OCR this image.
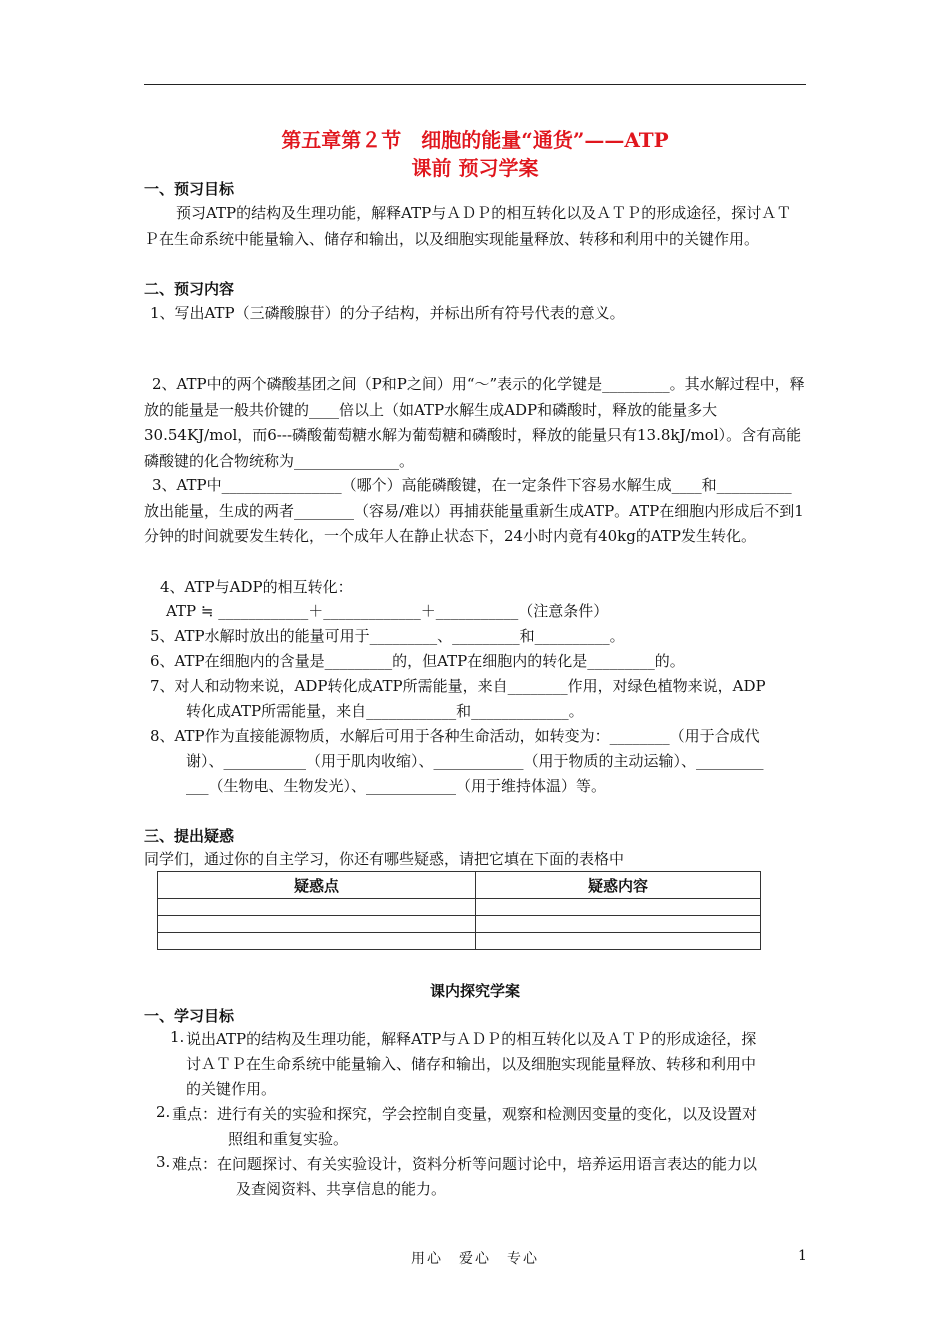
第五章第２节　细胞的能量“通货”——ATP
课前 预习学案
一、预习目标

预习ATP的结构及生理功能，解释ATP与ＡＤＰ的相互转化以及ＡＴＰ的形成途径，探讨ＡＴＰ在生命系统中能量输入、储存和输出，以及细胞实现能量释放、转移和利用中的关键作用。

二、预习内容
1、写出ATP（三磷酸腺苷）的分子结构，并标出所有符号代表的意义。

2、ATP中的两个磷酸基团之间（P和P之间）用“～”表示的化学键是_________。其水解过程中，释放的能量是一般共价键的____倍以上（如ATP水解生成ADP和磷酸时，释放的能量多大30.54KJ/mol，而6---磷酸葡萄糖水解为葡萄糖和磷酸时，释放的能量只有13.8kJ/mol）。含有高能磷酸键的化合物统称为______________。

3、ATP中________________（哪个）高能磷酸键，在一定条件下容易水解生成____和__________放出能量，生成的两者________（容易/难以）再捕获能量重新生成ATP。ATP在细胞内形成后不到1分钟的时间就要发生转化，一个成年人在静止状态下，24小时内竟有40kg的ATP发生转化。

4、ATP与ADP的相互转化：
ATP ≒ ____________＋_____________＋___________（注意条件）
5、ATP水解时放出的能量可用于_________、_________和__________。
6、ATP在细胞内的含量是_________的，但ATP在细胞内的转化是_________的。
7、对人和动物来说，ADP转化成ATP所需能量，来自________作用，对绿色植物来说，ADP
转化成ATP所需能量，来自____________和_____________。
8、ATP作为直接能源物质，水解后可用于各种生命活动，如转变为：________（用于合成代
谢）、___________（用于肌肉收缩）、____________（用于物质的主动运输）、_________
___（生物电、生物发光）、____________（用于维持体温）等。
三、提出疑惑
同学们，通过你的自主学习，你还有哪些疑惑，请把它填在下面的表格中
疑惑点	疑惑内容

课内探究学案
一、学习目标
1. 说出ATP的结构及生理功能，解释ATP与ＡＤＰ的相互转化以及ＡＴＰ的形成途径，探
讨ＡＴＰ在生命系统中能量输入、储存和输出，以及细胞实现能量释放、转移和利用中
的关键作用。
2. 重点：进行有关的实验和探究，学会控制自变量，观察和检测因变量的变化，以及设置对
照组和重复实验。
3. 难点：在问题探讨、有关实验设计，资料分析等问题讨论中，培养运用语言表达的能力以
及查阅资料、共享信息的能力。
用心　爱心　专心	1
